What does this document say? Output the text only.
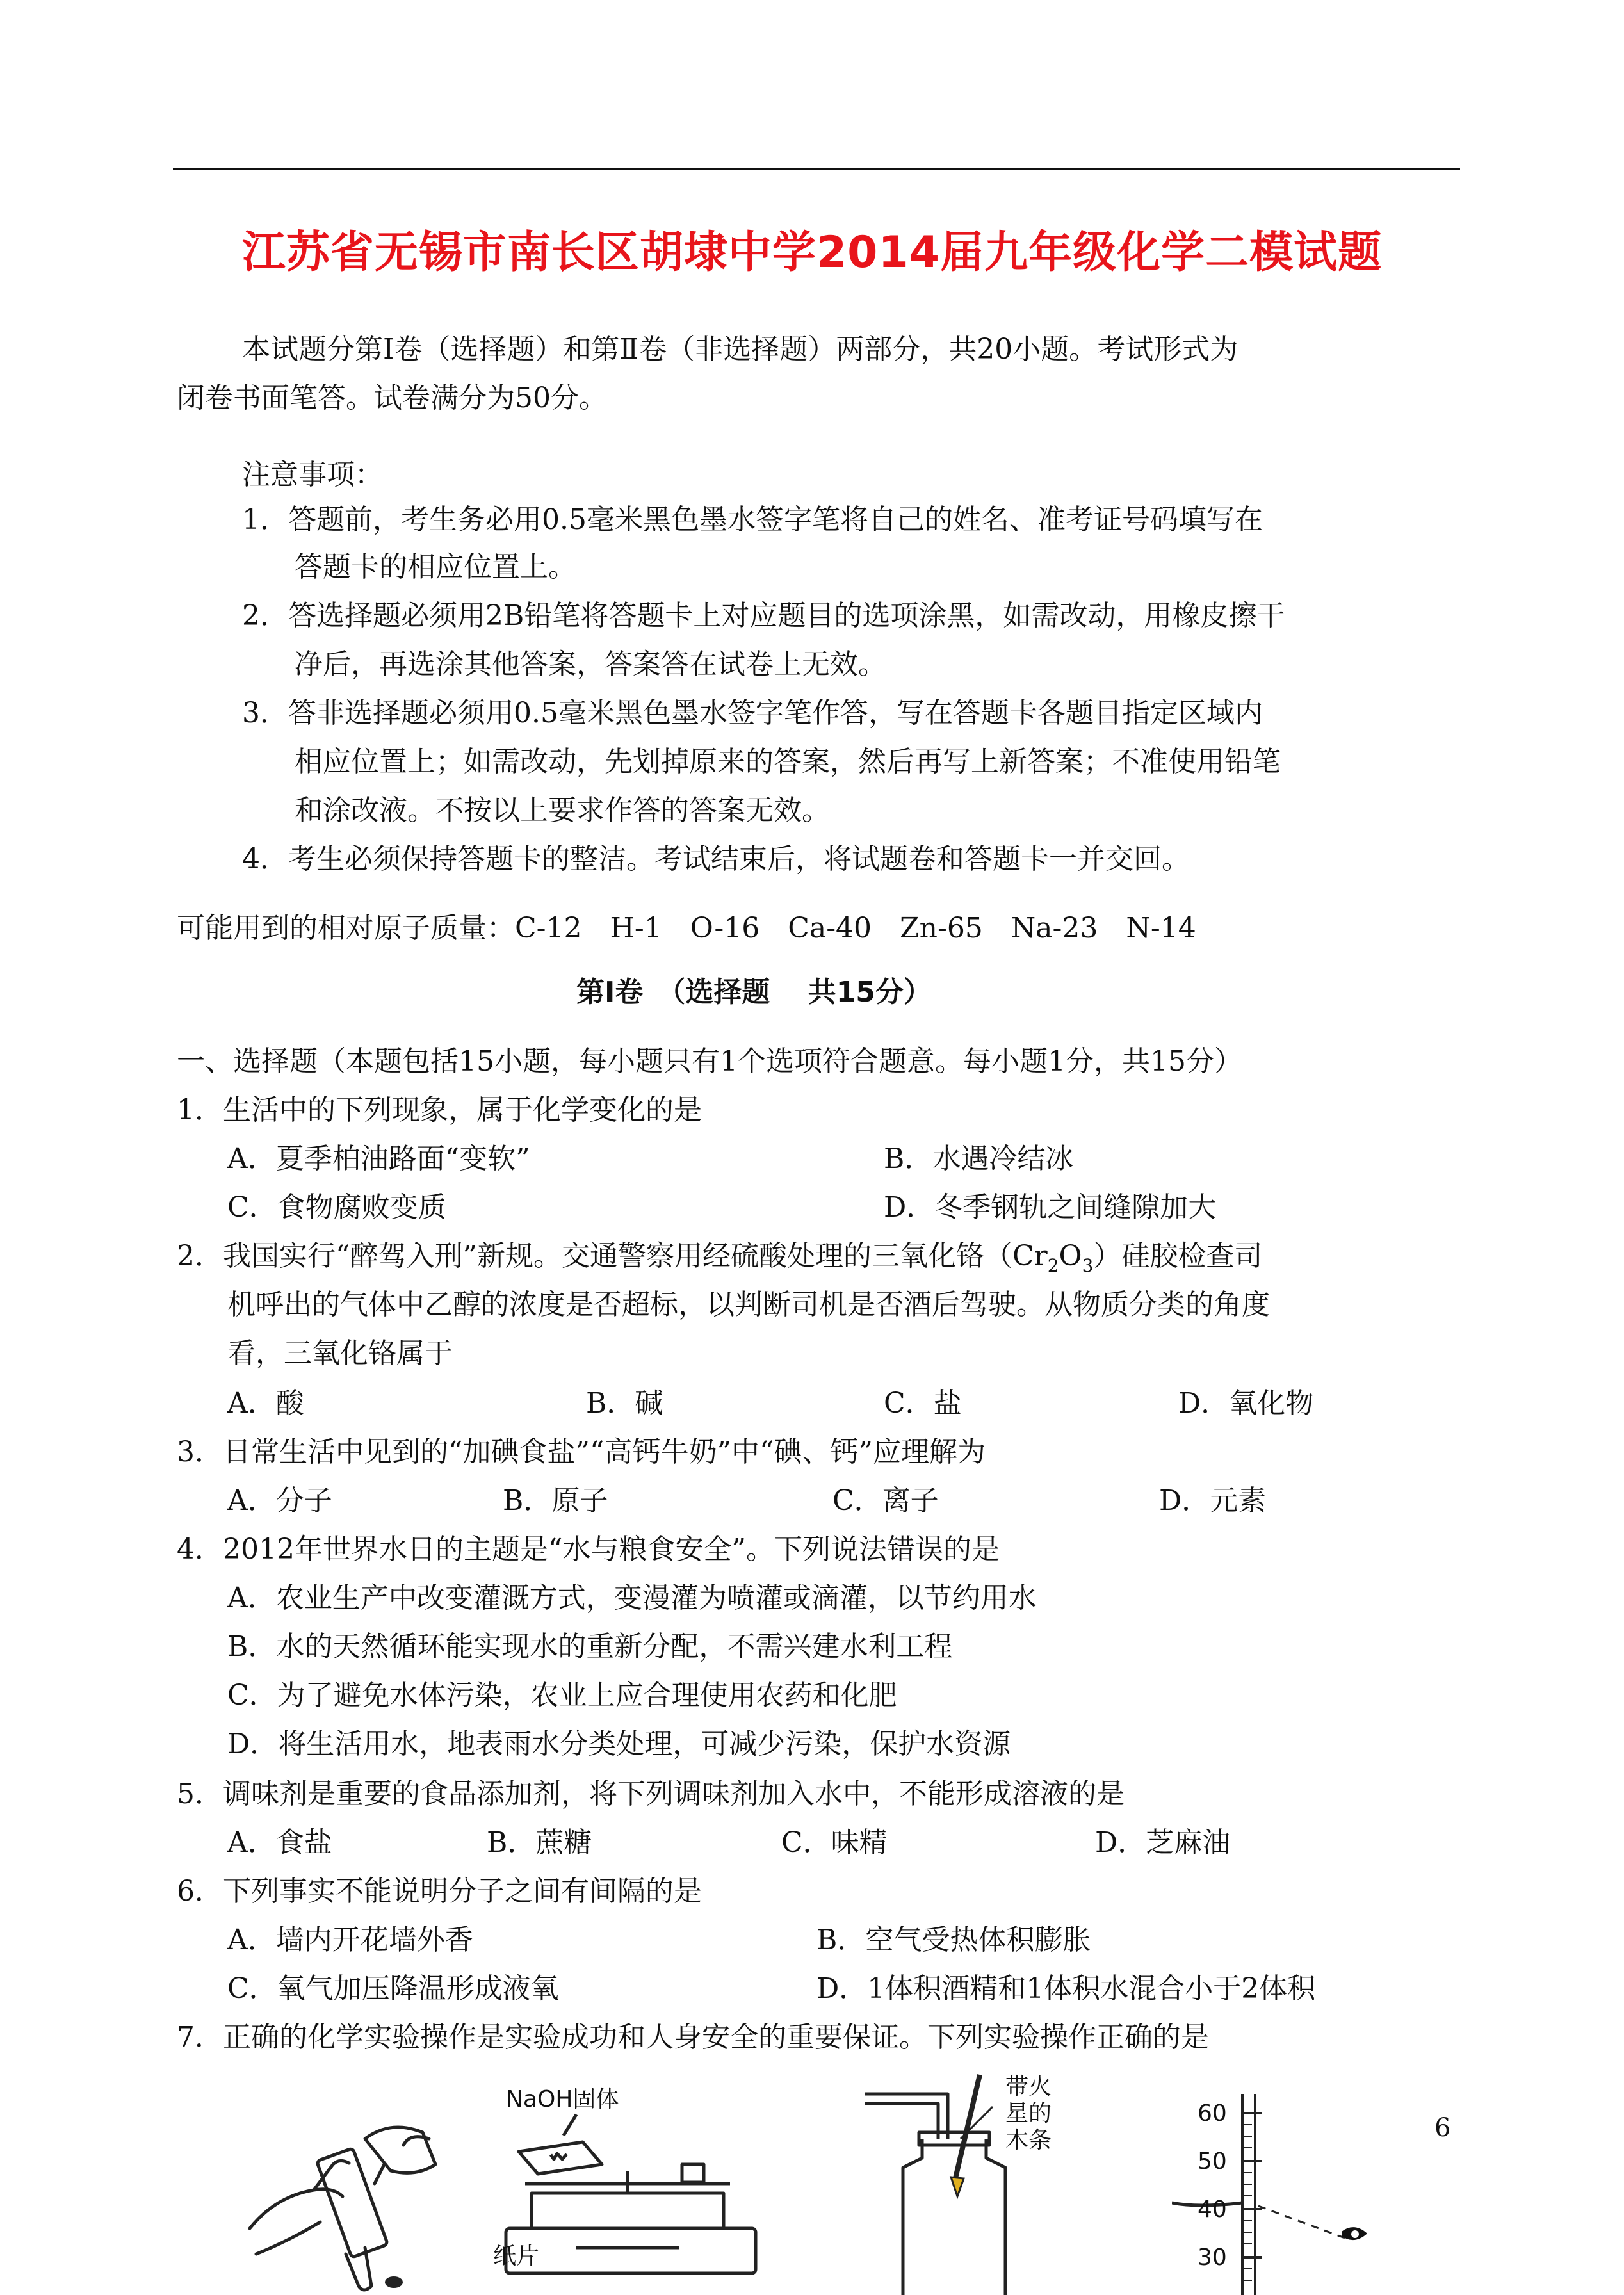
江苏省无锡市南长区胡埭中学2014届九年级化学二模试题
本试题分第Ⅰ卷（选择题）和第Ⅱ卷（非选择题）两部分，共20小题。考试形式为
闭卷书面笔答。试卷满分为50分。
注意事项：
1．答题前，考生务必用0.5毫米黑色墨水签字笔将自己的姓名、准考证号码填写在
答题卡的相应位置上。
2．答选择题必须用2B铅笔将答题卡上对应题目的选项涂黑，如需改动，用橡皮擦干
净后，再选涂其他答案，答案答在试卷上无效。
3．答非选择题必须用0.5毫米黑色墨水签字笔作答，写在答题卡各题目指定区域内
相应位置上；如需改动，先划掉原来的答案，然后再写上新答案；不准使用铅笔
和涂改液。不按以上要求作答的答案无效。
4．考生必须保持答题卡的整洁。考试结束后，将试题卷和答题卡一并交回。
可能用到的相对原子质量：C-12　H-1　O-16　Ca-40　Zn-65　Na-23　N-14
第Ⅰ卷　（选择题　 共15分）
一、选择题（本题包括15小题，每小题只有1个选项符合题意。每小题1分，共15分）
1．生活中的下列现象，属于化学变化的是
A．夏季柏油路面“变软”	B．水遇冷结冰
C．食物腐败变质	D．冬季钢轨之间缝隙加大
2．我国实行“醉驾入刑”新规。交通警察用经硫酸处理的三氧化铬$(Cr_2O_3)$硅胶检查司
机呼出的气体中乙醇的浓度是否超标，以判断司机是否酒后驾驶。从物质分类的角度
看，三氧化铬属于
A．酸	B．碱	C．盐	D．氧化物
3．日常生活中见到的“加碘食盐”“高钙牛奶”中“碘、钙”应理解为
A．分子	B．原子	C．离子	D．元素
4．2012年世界水日的主题是“水与粮食安全”。下列说法错误的是
A．农业生产中改变灌溉方式，变漫灌为喷灌或滴灌，以节约用水
B．水的天然循环能实现水的重新分配，不需兴建水利工程
C．为了避免水体污染，农业上应合理使用农药和化肥
D．将生活用水，地表雨水分类处理，可减少污染，保护水资源
5．调味剂是重要的食品添加剂，将下列调味剂加入水中，不能形成溶液的是
A．食盐	B．蔗糖	C．味精	D．芝麻油
6．下列事实不能说明分子之间有间隔的是
A．墙内开花墙外香	B．空气受热体积膨胀
C．氧气加压降温形成液氧	D．1体积酒精和1体积水混合小于2体积
7．正确的化学实验操作是实验成功和人身安全的重要保证。下列实验操作正确的是
NaOH固体
纸片
带火
星的
木条
60
50
40
30
6
